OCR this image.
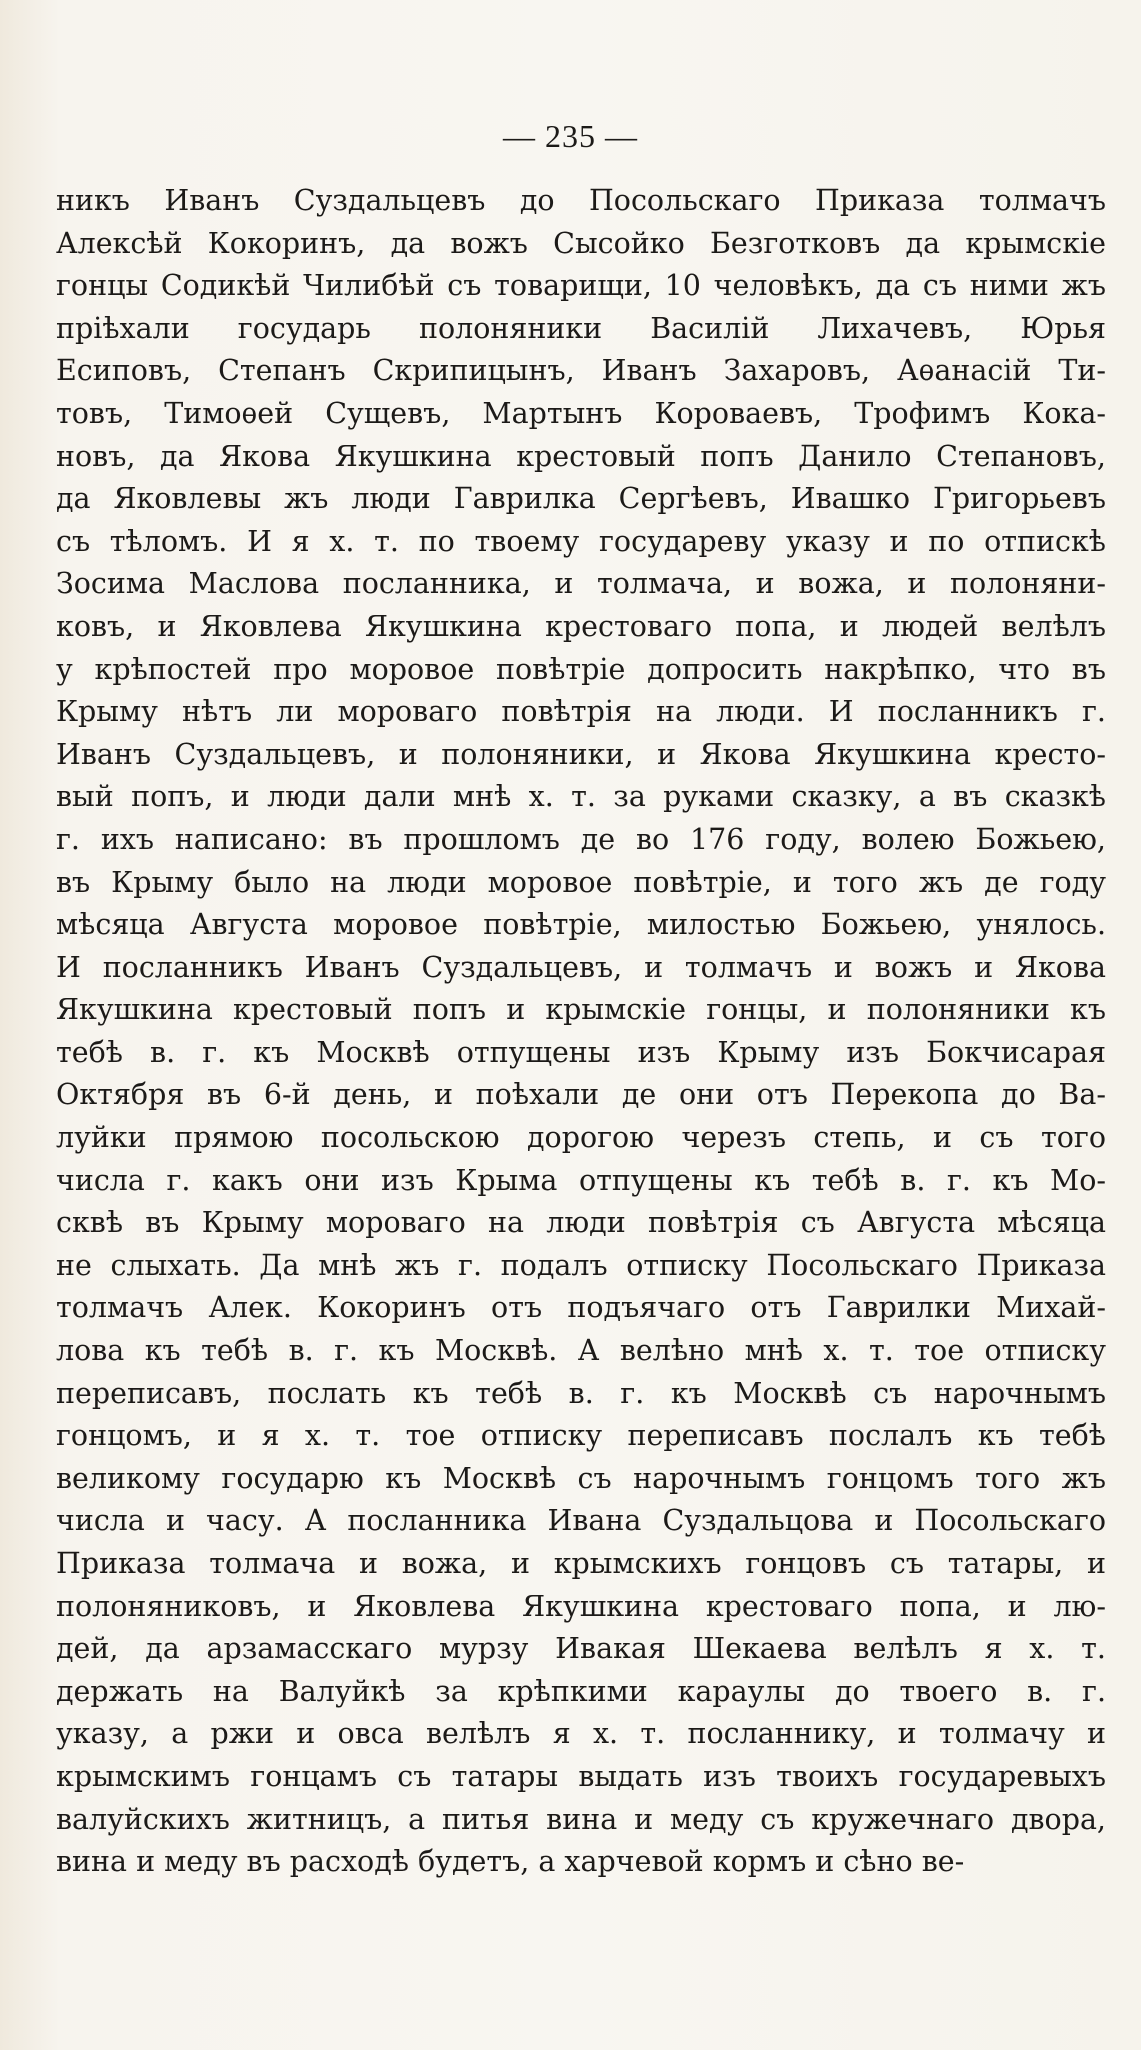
— 235 —
никъ Иванъ Суздальцевъ до Посольскаго Приказа толмачъ
Алексѣй Кокоринъ, да вожъ Сысойко Безготковъ да крымскіе
гонцы Содикѣй Чилибѣй съ товарищи, 10 человѣкъ, да съ ними жъ
пріѣхали государь полоняники Василій Лихачевъ, Юрья
Есиповъ, Степанъ Скрипицынъ, Иванъ Захаровъ, Аѳанасій Ти-
товъ, Тимоѳей Сущевъ, Мартынъ Короваевъ, Трофимъ Кока-
новъ, да Якова Якушкина крестовый попъ Данило Степановъ,
да Яковлевы жъ люди Гаврилка Сергѣевъ, Ивашко Григорьевъ
съ тѣломъ. И я х. т. по твоему государеву указу и по отпискѣ
Зосима Маслова посланника, и толмача, и вожа, и полоняни-
ковъ, и Яковлева Якушкина крестоваго попа, и людей велѣлъ
у крѣпостей про моровое повѣтріе допросить накрѣпко, что въ
Крыму нѣтъ ли мороваго повѣтрія на люди. И посланникъ г.
Иванъ Суздальцевъ, и полоняники, и Якова Якушкина кресто-
вый попъ, и люди дали мнѣ х. т. за руками сказку, а въ сказкѣ
г. ихъ написано: въ прошломъ де во 176 году, волею Божьею,
въ Крыму было на люди моровое повѣтріе, и того жъ де году
мѣсяца Августа моровое повѣтріе, милостью Божьею, унялось.
И посланникъ Иванъ Суздальцевъ, и толмачъ и вожъ и Якова
Якушкина крестовый попъ и крымскіе гонцы, и полоняники къ
тебѣ в. г. къ Москвѣ отпущены изъ Крыму изъ Бокчисарая
Октября въ 6-й день, и поѣхали де они отъ Перекопа до Ва-
луйки прямою посольскою дорогою черезъ степь, и съ того
числа г. какъ они изъ Крыма отпущены къ тебѣ в. г. къ Мо-
сквѣ въ Крыму мороваго на люди повѣтрія съ Августа мѣсяца
не слыхать. Да мнѣ жъ г. подалъ отписку Посольскаго Приказа
толмачъ Алек. Кокоринъ отъ подъячаго отъ Гаврилки Михай-
лова къ тебѣ в. г. къ Москвѣ. А велѣно мнѣ х. т. тое отписку
переписавъ, послать къ тебѣ в. г. къ Москвѣ съ нарочнымъ
гонцомъ, и я х. т. тое отписку переписавъ послалъ къ тебѣ
великому государю къ Москвѣ съ нарочнымъ гонцомъ того жъ
числа и часу. А посланника Ивана Суздальцова и Посольскаго
Приказа толмача и вожа, и крымскихъ гонцовъ съ татары, и
полоняниковъ, и Яковлева Якушкина крестоваго попа, и лю-
дей, да арзамасскаго мурзу Ивакая Шекаева велѣлъ я х. т.
держать на Валуйкѣ за крѣпкими караулы до твоего в. г.
указу, а ржи и овса велѣлъ я х. т. посланнику, и толмачу и
крымскимъ гонцамъ съ татары выдать изъ твоихъ государевыхъ
валуйскихъ житницъ, а питья вина и меду съ кружечнаго двора,
вина и меду въ расходѣ будетъ, а харчевой кормъ и сѣно ве-
